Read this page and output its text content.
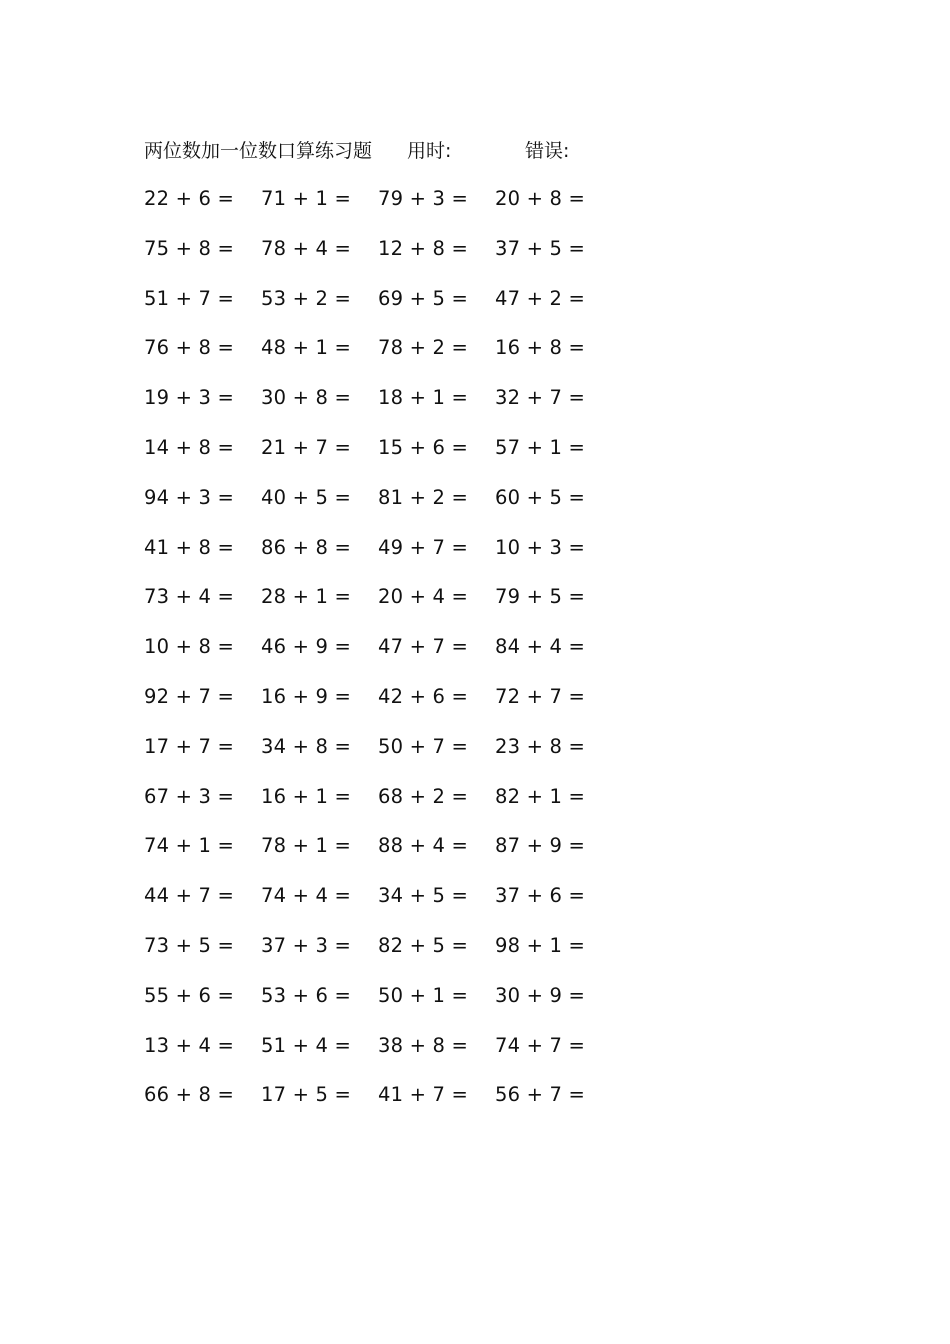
两位数加一位数口算练习题 用时:	错误:
22 + 6 = 71 + 1 = 79 + 3 = 20 + 8 =
75 + 8 = 78 + 4 = 12 + 8 = 37 + 5 =
51 + 7 = 53 + 2 = 69 + 5 = 47 + 2 =
76 + 8 = 48 + 1 = 78 + 2 = 16 + 8 =
19 + 3 = 30 + 8 = 18 + 1 = 32 + 7 =
14 + 8 = 21 + 7 = 15 + 6 = 57 + 1 =
94 + 3 = 40 + 5 = 81 + 2 = 60 + 5 =
41 + 8 = 86 + 8 = 49 + 7 = 10 + 3 =
73 + 4 = 28 + 1 = 20 + 4 = 79 + 5 =
10 + 8 = 46 + 9 = 47 + 7 = 84 + 4 =
92 + 7 = 16 + 9 = 42 + 6 = 72 + 7 =
17 + 7 = 34 + 8 = 50 + 7 = 23 + 8 =
67 + 3 = 16 + 1 = 68 + 2 = 82 + 1 =
74 + 1 = 78 + 1 = 88 + 4 = 87 + 9 =
44 + 7 = 74 + 4 = 34 + 5 = 37 + 6 =
73 + 5 = 37 + 3 = 82 + 5 = 98 + 1 =
55 + 6 = 53 + 6 = 50 + 1 = 30 + 9 =
13 + 4 = 51 + 4 = 38 + 8 = 74 + 7 =
66 + 8 = 17 + 5 = 41 + 7 = 56 + 7 =
